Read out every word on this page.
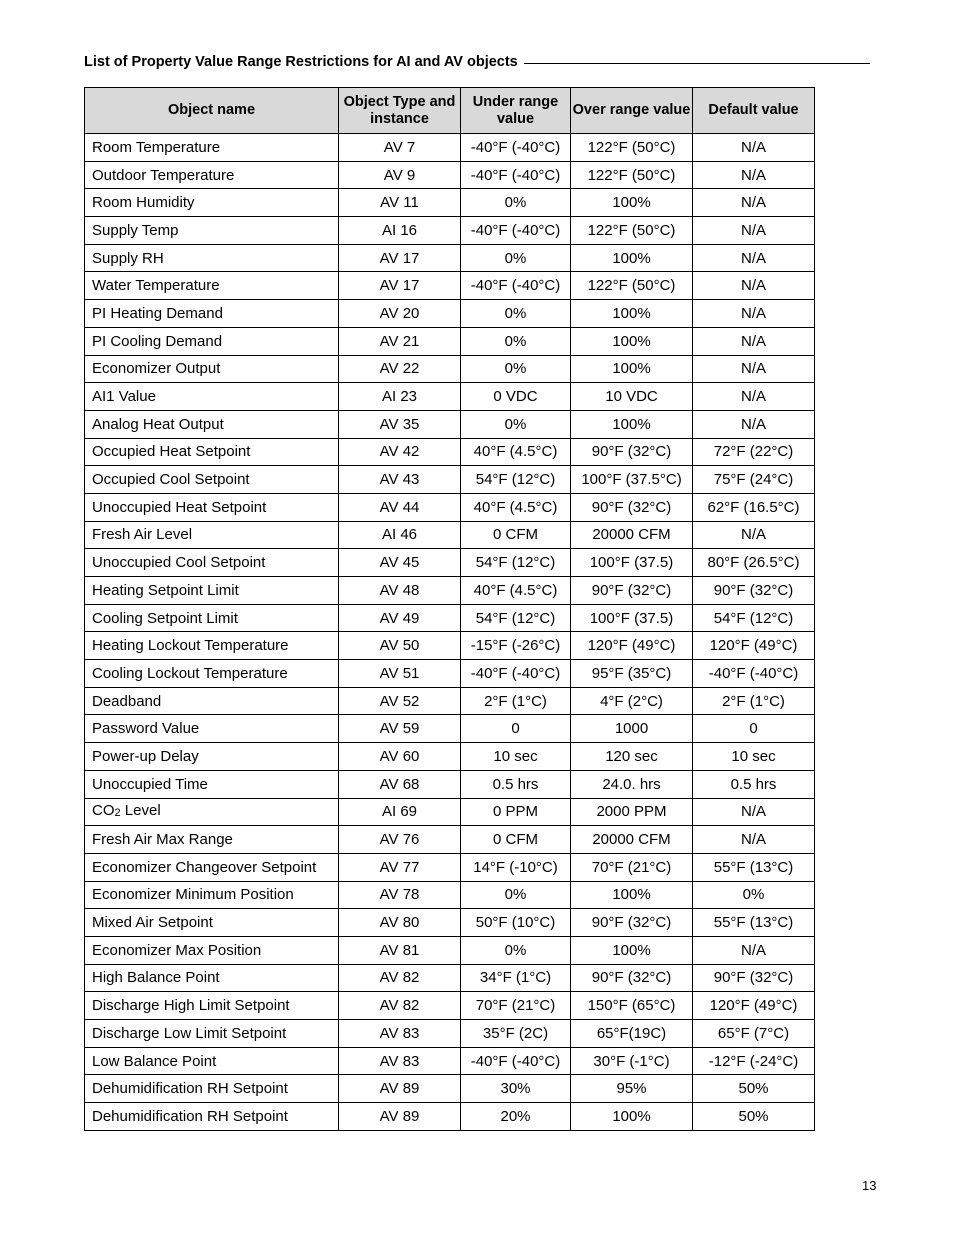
List of Property Value Range Restrictions for AI and AV objects
Object name	Object Type and instance	Under range value	Over range value	Default value
Room Temperature	AV 7	-40°F (-40°C)	122°F (50°C)	N/A
Outdoor Temperature	AV 9	-40°F (-40°C)	122°F (50°C)	N/A
Room Humidity	AV 11	0%	100%	N/A
Supply Temp	AI 16	-40°F (-40°C)	122°F (50°C)	N/A
Supply RH	AV 17	0%	100%	N/A
Water Temperature	AV 17	-40°F (-40°C)	122°F (50°C)	N/A
PI Heating Demand	AV 20	0%	100%	N/A
PI Cooling Demand	AV 21	0%	100%	N/A
Economizer Output	AV 22	0%	100%	N/A
AI1 Value	AI 23	0 VDC	10 VDC	N/A
Analog Heat Output	AV 35	0%	100%	N/A
Occupied Heat Setpoint	AV 42	40°F (4.5°C)	90°F (32°C)	72°F (22°C)
Occupied Cool Setpoint	AV 43	54°F (12°C)	100°F (37.5°C)	75°F (24°C)
Unoccupied Heat Setpoint	AV 44	40°F (4.5°C)	90°F (32°C)	62°F (16.5°C)
Fresh Air Level	AI 46	0 CFM	20000 CFM	N/A
Unoccupied Cool Setpoint	AV 45	54°F (12°C)	100°F (37.5)	80°F (26.5°C)
Heating Setpoint Limit	AV 48	40°F (4.5°C)	90°F (32°C)	90°F (32°C)
Cooling Setpoint Limit	AV 49	54°F (12°C)	100°F (37.5)	54°F (12°C)
Heating Lockout Temperature	AV 50	-15°F (-26°C)	120°F (49°C)	120°F (49°C)
Cooling Lockout Temperature	AV 51	-40°F (-40°C)	95°F (35°C)	-40°F (-40°C)
Deadband	AV 52	2°F (1°C)	4°F (2°C)	2°F (1°C)
Password Value	AV 59	0	1000	0
Power-up Delay	AV 60	10 sec	120 sec	10 sec
Unoccupied Time	AV 68	0.5 hrs	24.0. hrs	0.5 hrs
CO2 Level	AI 69	0 PPM	2000 PPM	N/A
Fresh Air Max Range	AV 76	0 CFM	20000 CFM	N/A
Economizer Changeover Setpoint	AV 77	14°F (-10°C)	70°F (21°C)	55°F (13°C)
Economizer Minimum Position	AV 78	0%	100%	0%
Mixed Air Setpoint	AV 80	50°F (10°C)	90°F (32°C)	55°F (13°C)
Economizer Max Position	AV 81	0%	100%	N/A
High Balance Point	AV 82	34°F (1°C)	90°F (32°C)	90°F (32°C)
Discharge High Limit Setpoint	AV 82	70°F (21°C)	150°F (65°C)	120°F (49°C)
Discharge Low Limit Setpoint	AV 83	35°F (2C)	65°F(19C)	65°F (7°C)
Low Balance Point	AV 83	-40°F (-40°C)	30°F (-1°C)	-12°F (-24°C)
Dehumidification RH Setpoint	AV 89	30%	95%	50%
Dehumidification RH Setpoint	AV 89	20%	100%	50%
13
